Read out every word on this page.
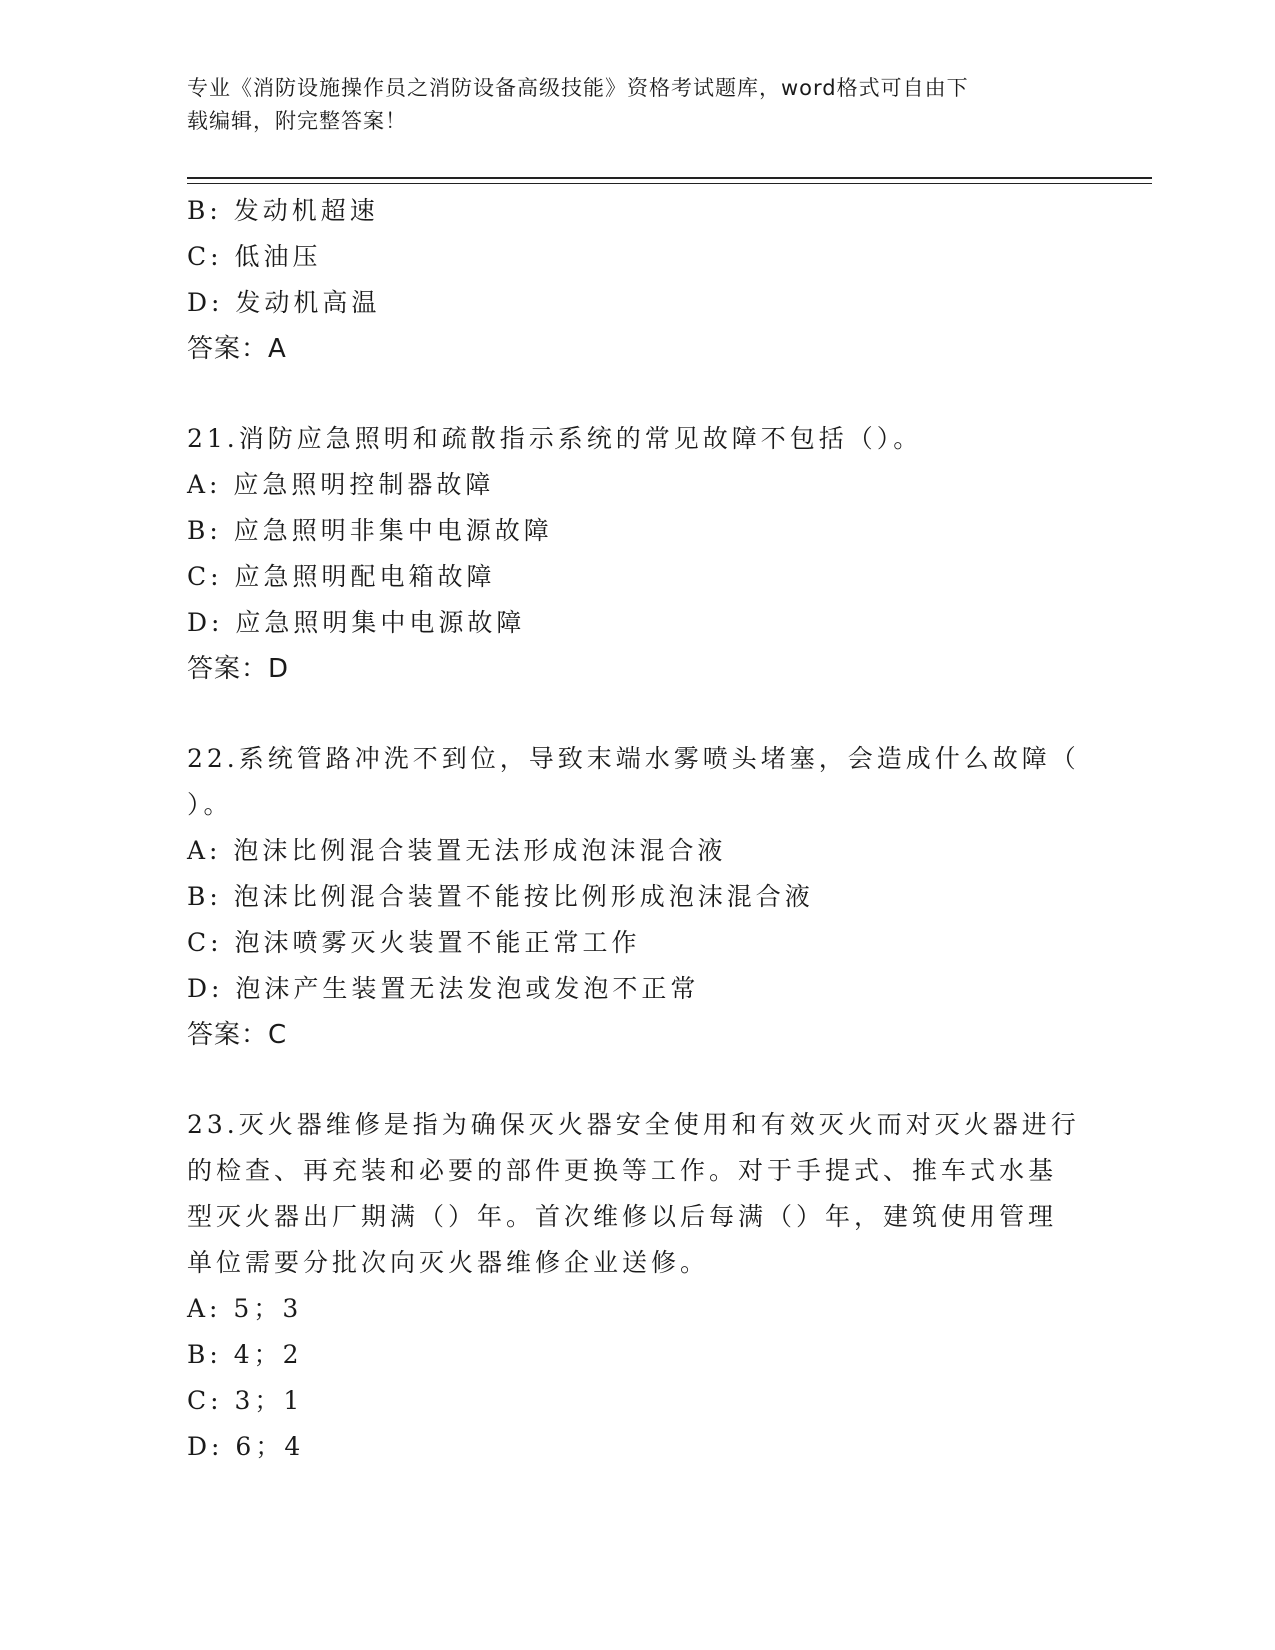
专业《消防设施操作员之消防设备高级技能》资格考试题库，word格式可自由下
载编辑，附完整答案！
B: 发动机超速
C: 低油压
D: 发动机高温
答案：A
21.消防应急照明和疏散指示系统的常见故障不包括（）。
A: 应急照明控制器故障
B: 应急照明非集中电源故障
C: 应急照明配电箱故障
D: 应急照明集中电源故障
答案：D
22.系统管路冲洗不到位，导致末端水雾喷头堵塞，会造成什么故障（
）。
A: 泡沫比例混合装置无法形成泡沫混合液
B: 泡沫比例混合装置不能按比例形成泡沫混合液
C: 泡沫喷雾灭火装置不能正常工作
D: 泡沫产生装置无法发泡或发泡不正常
答案：C
23.灭火器维修是指为确保灭火器安全使用和有效灭火而对灭火器进行
的检查、再充装和必要的部件更换等工作。对于手提式、推车式水基
型灭火器出厂期满（）年。首次维修以后每满（）年，建筑使用管理
单位需要分批次向灭火器维修企业送修。
A: 5；3
B: 4；2
C: 3；1
D: 6；4
